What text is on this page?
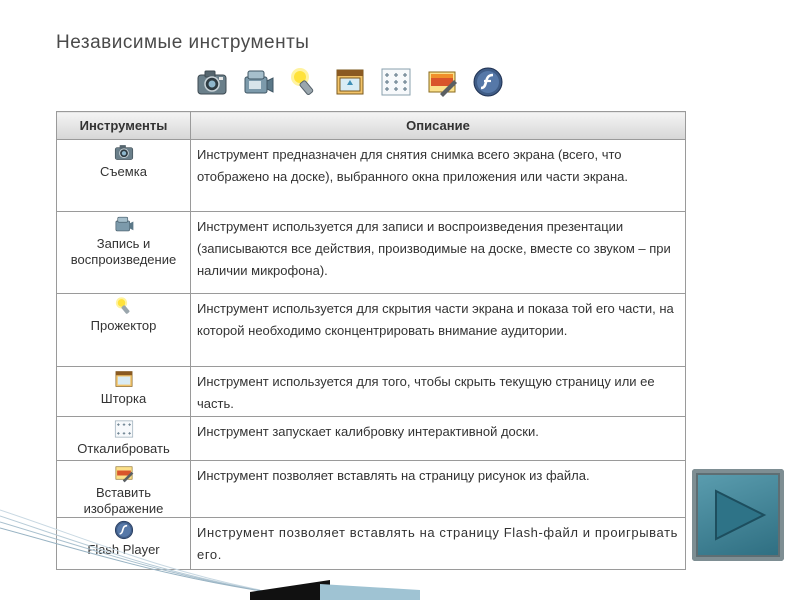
Независимые инструменты
Инструменты	Описание

Съемка	Инструмент предназначен для снятия снимка всего экрана (всего, что отображено на доске), выбранного окна приложения или части экрана.

Запись и воспроизведение	Инструмент используется для записи и воспроизведения презентации (записываются все действия, производимые на доске, вместе со звуком – при наличии микрофона).

Прожектор	Инструмент используется для скрытия части экрана и показа той его части, на которой необходимо сконцентрировать внимание аудитории.

Шторка	Инструмент используется для того, чтобы скрыть текущую страницу или ее часть.

Откалибровать	Инструмент запускает калибровку интерактивной доски.

Вставить изображение	Инструмент позволяет вставлять на страницу рисунок из файла.

Flash Player	Инструмент позволяет вставлять на страницу Flash-файл и проигрывать его.
